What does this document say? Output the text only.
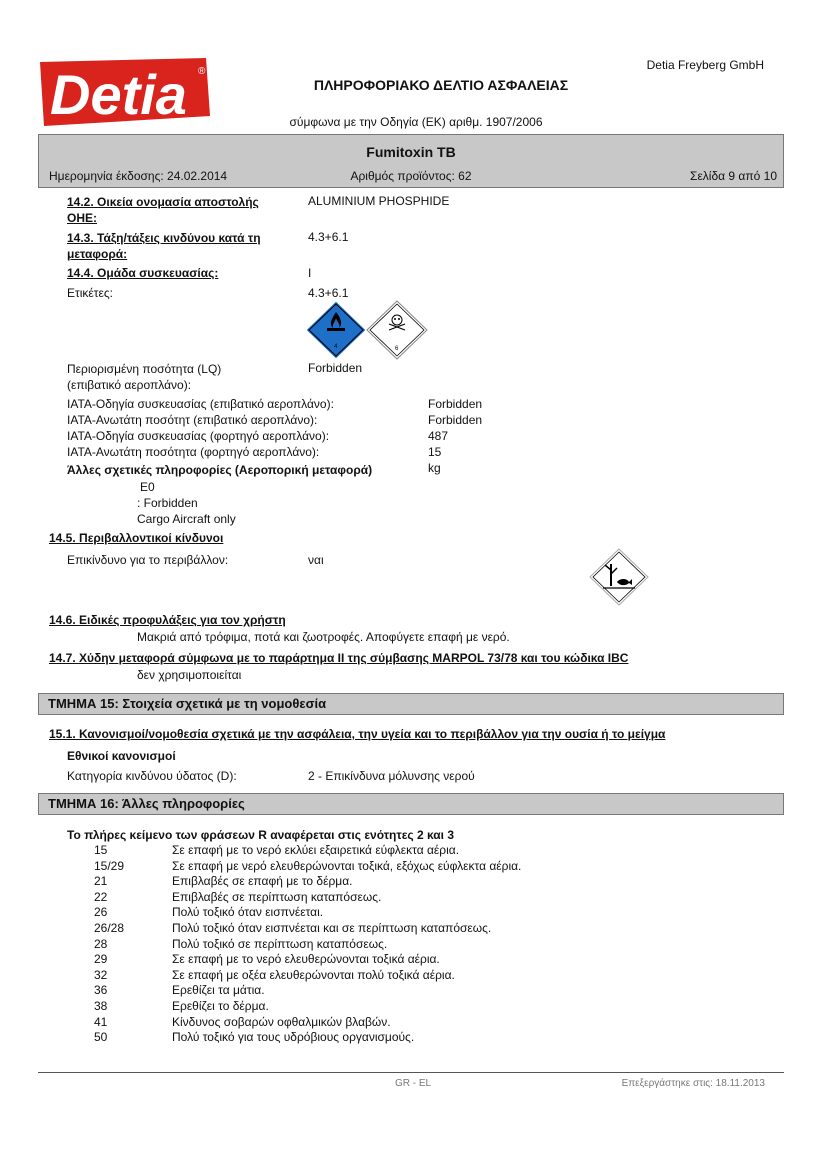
Detia ®	Detia Freyberg GmbH
ΠΛΗΡΟΦΟΡΙΑΚΟ ΔΕΛΤΙΟ ΑΣΦΑΛΕΙΑΣ
σύμφωνα με την Οδηγία (ΕΚ) αριθμ. 1907/2006
Fumitoxin TB
Ημερομηνία έκδοσης: 24.02.2014	Αριθμός προϊόντος: 62	Σελίδα 9 από 10
14.2. Οικεία ονομασία αποστολής
ΟΗΕ:
ALUMINIUM PHOSPHIDE
14.3. Τάξη/τάξεις κινδύνου κατά τη
μεταφορά:
4.3+6.1
14.4. Ομάδα συσκευασίας:	I
Ετικέτες:	4.3+6.1
4	6
Περιορισμένη ποσότητα (LQ)
(επιβατικό αεροπλάνο):
Forbidden
IATA-Οδηγία συσκευασίας (επιβατικό αεροπλάνο):	Forbidden
IATA-Ανωτάτη ποσότητ (επιβατικό αεροπλάνο):	Forbidden
IATA-Οδηγία συσκευασίας (φορτηγό αεροπλάνο):	487
IATA-Ανωτάτη ποσότητα (φορτηγό αεροπλάνο):	15 kg
Άλλες σχετικές πληροφορίες (Αεροπορική μεταφορά)
E0
: Forbidden
Cargo Aircraft only
14.5. Περιβαλλοντικοί κίνδυνοι
Επικίνδυνο για το περιβάλλον:	ναι
14.6. Ειδικές προφυλάξεις για τον χρήστη
Μακριά από τρόφιμα, ποτά και ζωοτροφές. Αποφύγετε επαφή με νερό.
14.7. Χύδην μεταφορά σύμφωνα με το παράρτημα II της σύμβασης MARPOL 73/78 και του κώδικα IBC
δεν χρησιμοποιείται
ΤΜΗΜΑ 15: Στοιχεία σχετικά με τη νομοθεσία
15.1. Κανονισμοί/νομοθεσία σχετικά με την ασφάλεια, την υγεία και το περιβάλλον για την ουσία ή το μείγμα
Εθνικοί κανονισμοί
Κατηγορία κινδύνου ύδατος (D):	2 - Επικίνδυνα μόλυνσης νερού
ΤΜΗΜΑ 16: Άλλες πληροφορίες
Το πλήρες κείμενο των φράσεων R αναφέρεται στις ενότητες 2 και 3
15	Σε επαφή με το νερό εκλύει εξαιρετικά εύφλεκτα αέρια.
15/29	Σε επαφή με νερό ελευθερώνονται τοξικά, εξόχως εύφλεκτα αέρια.
21	Επιβλαβές σε επαφή με το δέρμα.
22	Επιβλαβές σε περίπτωση καταπόσεως.
26	Πολύ τοξικό όταν εισπνέεται.
26/28	Πολύ τοξικό όταν εισπνέεται και σε περίπτωση καταπόσεως.
28	Πολύ τοξικό σε περίπτωση καταπόσεως.
29	Σε επαφή με το νερό ελευθερώνονται τοξικά αέρια.
32	Σε επαφή με οξέα ελευθερώνονται πολύ τοξικά αέρια.
36	Ερεθίζει τα μάτια.
38	Ερεθίζει το δέρμα.
41	Κίνδυνος σοβαρών οφθαλμικών βλαβών.
50	Πολύ τοξικό για τους υδρόβιους οργανισμούς.
GR - EL	Επεξεργάστηκε στις: 18.11.2013
